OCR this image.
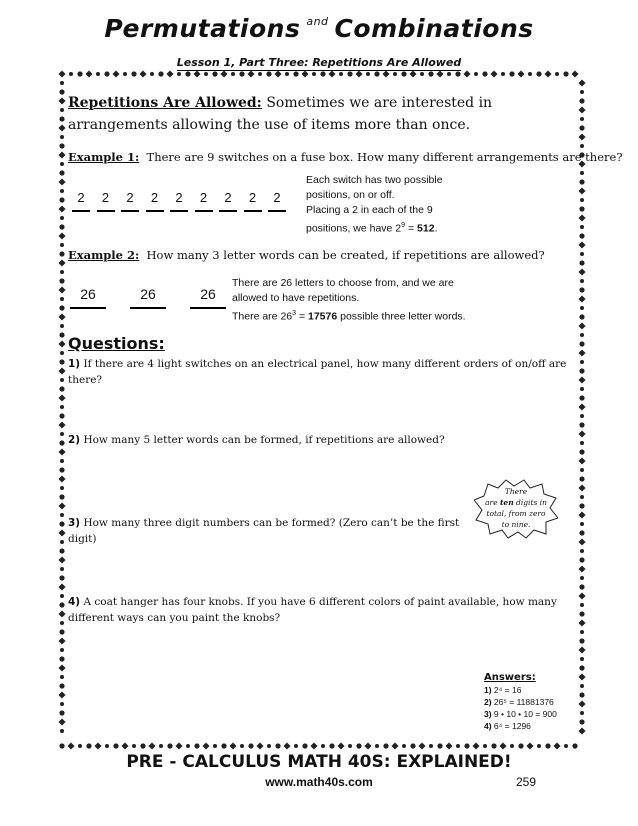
Permutations $^{and}$ Combinations
Lesson 1, Part Three: Repetitions Are Allowed
Repetitions Are Allowed: Sometimes we are interested in arrangements allowing the use of items more than once.
Example 1: There are 9 switches on a fuse box. How many different arrangements are there?
2	2	2	2	2	2	2	2	2
Each switch has two possible
positions, on or off.
Placing a 2 in each of the 9
positions, we have $2^9 = 512$.
Example 2: How many 3 letter words can be created, if repetitions are allowed?
26	26	26
There are 26 letters to choose from, and we are
allowed to have repetitions.
There are $26^3 = 17576$ possible three letter words.
Questions:
1) If there are 4 light switches on an electrical panel, how many different orders of on/off are there?
2) How many 5 letter words can be formed, if repetitions are allowed?
3) How many three digit numbers can be formed? (Zero can’t be the first digit)
4) A coat hanger has four knobs. If you have 6 different colors of paint available, how many
different ways can you paint the knobs?
There
are ten digits in
total, from zero
to nine.
Answers:
1) 2⁴ = 16
2) 26⁵ = 11881376
3) 9 • 10 • 10 = 900
4) 6⁴ = 1296
PRE - CALCULUS MATH 40S: EXPLAINED!
www.math40s.com	259
